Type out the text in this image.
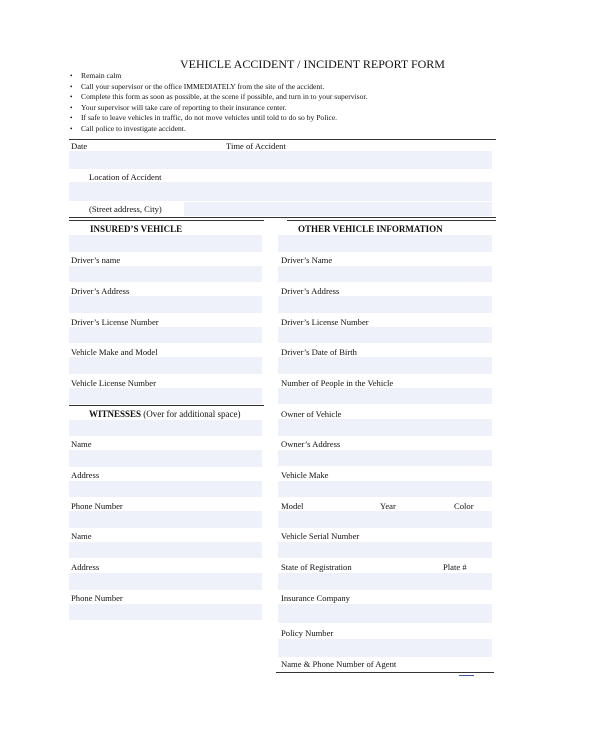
VEHICLE ACCIDENT / INCIDENT REPORT FORM
• Remain calm
• Call your supervisor or the office IMMEDIATELY from the site of the accident.
• Complete this form as soon as possible, at the scene if possible, and turn in to your supervisor.
• Your supervisor will take care of reporting to their insurance center.
• If safe to leave vehicles in traffic, do not move vehicles until told to do so by Police.
• Call police to investigate accident.
Date	Time of Accident
Location of Accident
(Street address, City)
INSURED’S VEHICLE	OTHER VEHICLE INFORMATION
Driver’s name
Driver’s Address
Driver’s License Number
Vehicle Make and Model
Vehicle License Number
WITNESSES (Over for additional space)
Name
Address
Phone Number
Name
Address
Phone Number
Driver’s Name
Driver’s Address
Driver’s License Number
Driver’s Date of Birth
Number of People in the Vehicle
Owner of Vehicle
Owner’s Address
Vehicle Make
Model	Year	Color
Vehicle Serial Number
State of Registration	Plate #
Insurance Company
Policy Number
Name & Phone Number of Agent
